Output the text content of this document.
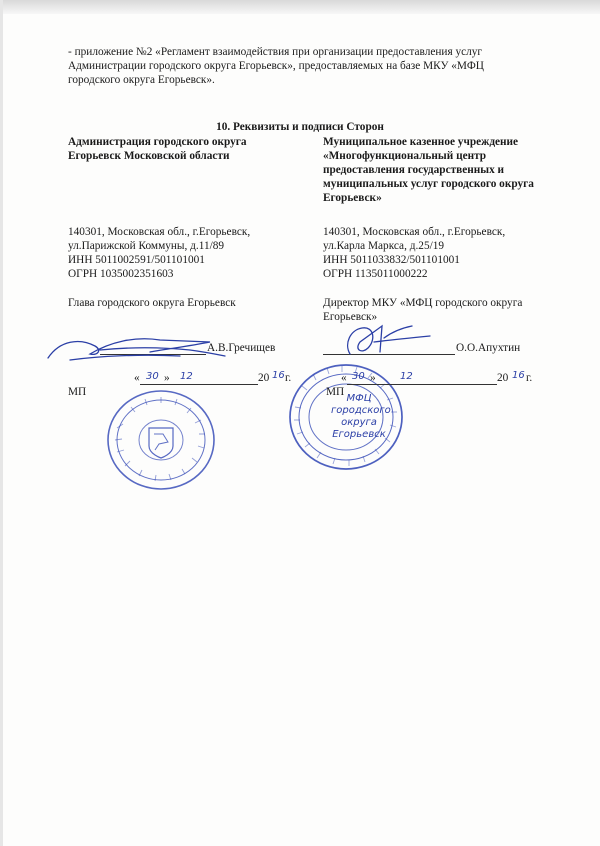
- приложение №2 «Регламент взаимодействия при организации предоставления услуг
Администрации городского округа Егорьевск», предоставляемых на базе МКУ «МФЦ
городского округа Егорьевск».
10. Реквизиты и подписи Сторон
Администрация городского округа
Егорьевск Московской области
140301, Московская обл., г.Егорьевск,
ул.Парижской Коммуны, д.11/89
ИНН 5011002591/501101001
ОГРН 1035002351603
Глава городского округа Егорьевск
А.В.Гречищев
« 30 » 12	20 16 г.
МП
Муниципальное казенное учреждение
«Многофункциональный центр
предоставления государственных и
муниципальных услуг городского округа
Егорьевск»
140301, Московская обл., г.Егорьевск,
ул.Карла Маркса, д.25/19
ИНН 5011033832/501101001
ОГРН 1135011000222
Директор МКУ «МФЦ городского округа
Егорьевск»
О.О.Апухтин
МФЦ
городского
округа
Егорьевск
« 30 » 12	20 16 г.
МП
